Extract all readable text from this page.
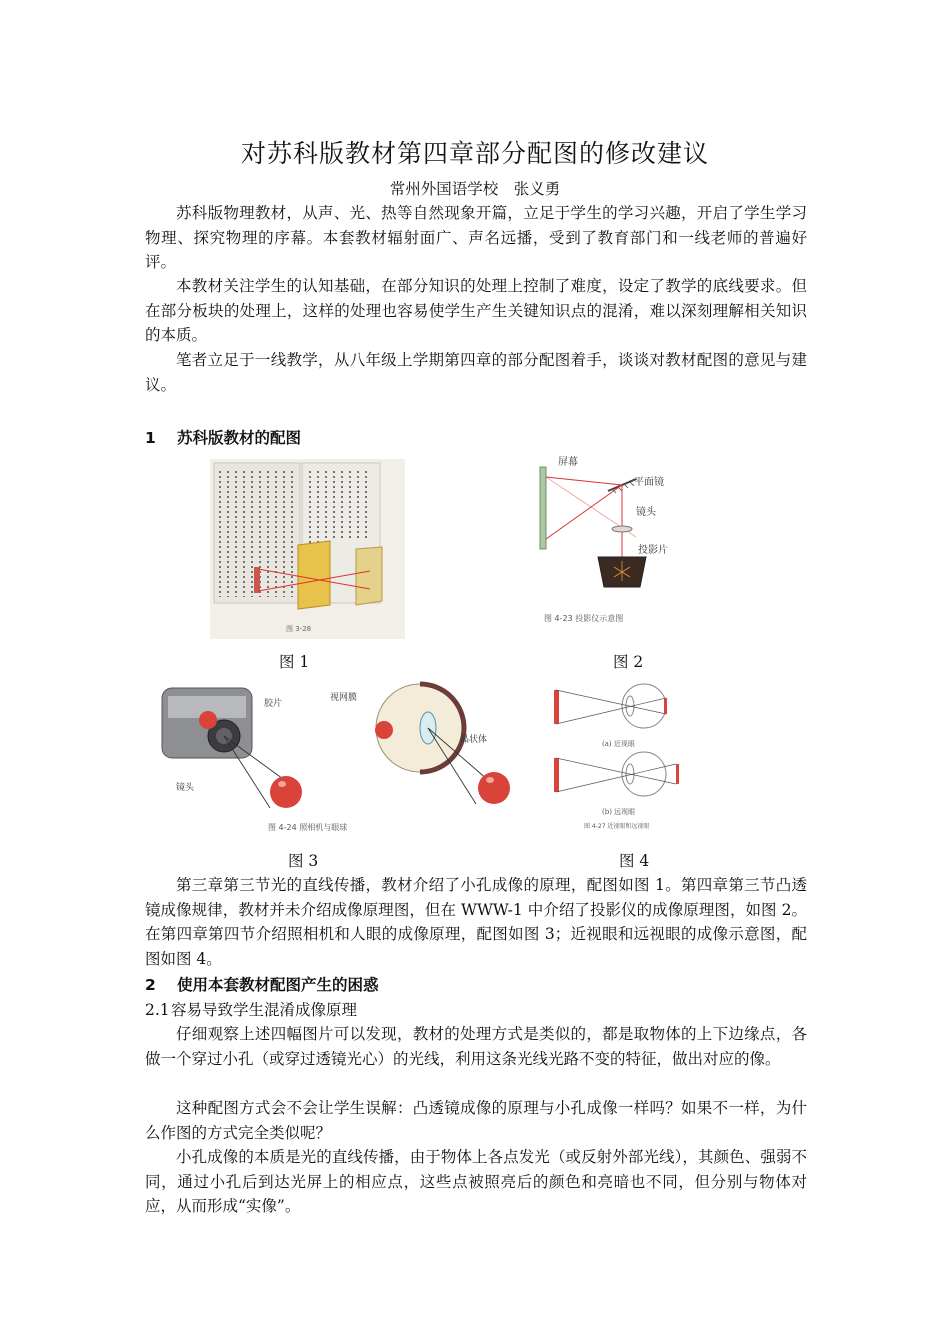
对苏科版教材第四章部分配图的修改建议
常州外国语学校　张义勇

苏科版物理教材，从声、光、热等自然现象开篇，立足于学生的学习兴趣，开启了学生学习物理、探究物理的序幕。本套教材辐射面广、声名远播，受到了教育部门和一线老师的普遍好评。

本教材关注学生的认知基础，在部分知识的处理上控制了难度，设定了教学的底线要求。但在部分板块的处理上，这样的处理也容易使学生产生关键知识点的混淆，难以深刻理解相关知识的本质。

笔者立足于一线教学，从八年级上学期第四章的部分配图着手，谈谈对教材配图的意见与建议。

1 苏科版教材的配图
图 3-28
屏幕
平面镜
镜头
投影片
图 4-23 投影仪示意图
图 1	图 2
胶片
镜头
视网膜
晶状体
图 4-24 照相机与眼球
(a) 近视眼
(b) 远视眼
图 4-27 近视眼和远视眼
图 3	图 4

第三章第三节光的直线传播，教材介绍了小孔成像的原理，配图如图 1。第四章第三节凸透镜成像规律，教材并未介绍成像原理图，但在 WWW-1 中介绍了投影仪的成像原理图，如图 2。在第四章第四节介绍照相机和人眼的成像原理，配图如图 3；近视眼和远视眼的成像示意图，配图如图 4。

2 使用本套教材配图产生的困惑
2.1容易导致学生混淆成像原理

仔细观察上述四幅图片可以发现，教材的处理方式是类似的，都是取物体的上下边缘点，各做一个穿过小孔（或穿过透镜光心）的光线，利用这条光线光路不变的特征，做出对应的像。

这种配图方式会不会让学生误解：凸透镜成像的原理与小孔成像一样吗？如果不一样，为什么作图的方式完全类似呢？

小孔成像的本质是光的直线传播，由于物体上各点发光（或反射外部光线），其颜色、强弱不同，通过小孔后到达光屏上的相应点，这些点被照亮后的颜色和亮暗也不同，但分别与物体对应，从而形成“实像”。
